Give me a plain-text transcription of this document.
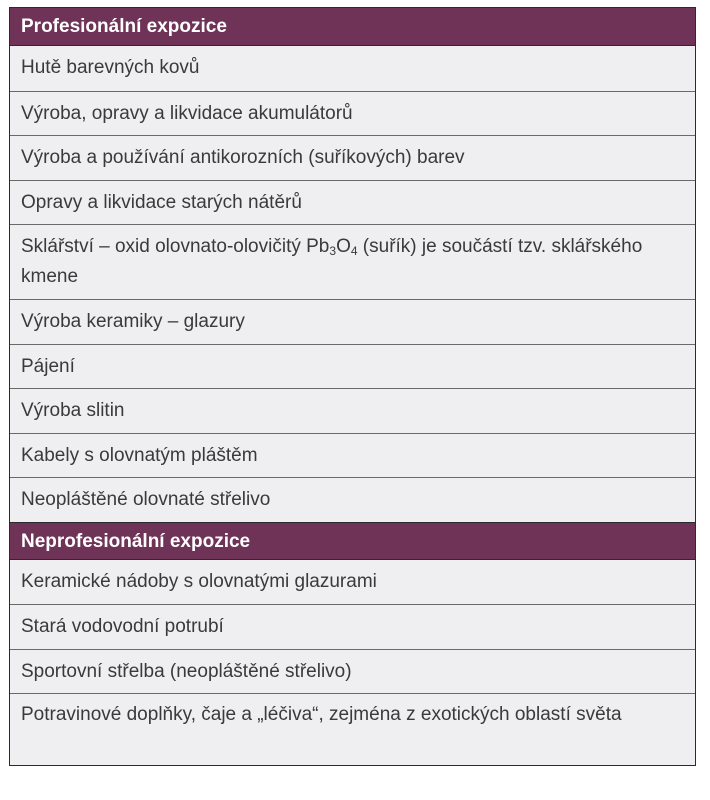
Profesionální expozice
Hutě barevných kovů
Výroba, opravy a likvidace akumulátorů
Výroba a používání antikorozních (suříkových) barev
Opravy a likvidace starých nátěrů
Sklářství – oxid olovnato-olovičitý $Pb_3O_4$ (suřík) je součástí tzv. sklářského kmene
Výroba keramiky – glazury
Pájení
Výroba slitin
Kabely s olovnatým pláštěm
Neopláštěné olovnaté střelivo
Neprofesionální expozice
Keramické nádoby s olovnatými glazurami
Stará vodovodní potrubí
Sportovní střelba (neopláštěné střelivo)
Potravinové doplňky, čaje a „léčiva“, zejména z exotických oblastí světa
